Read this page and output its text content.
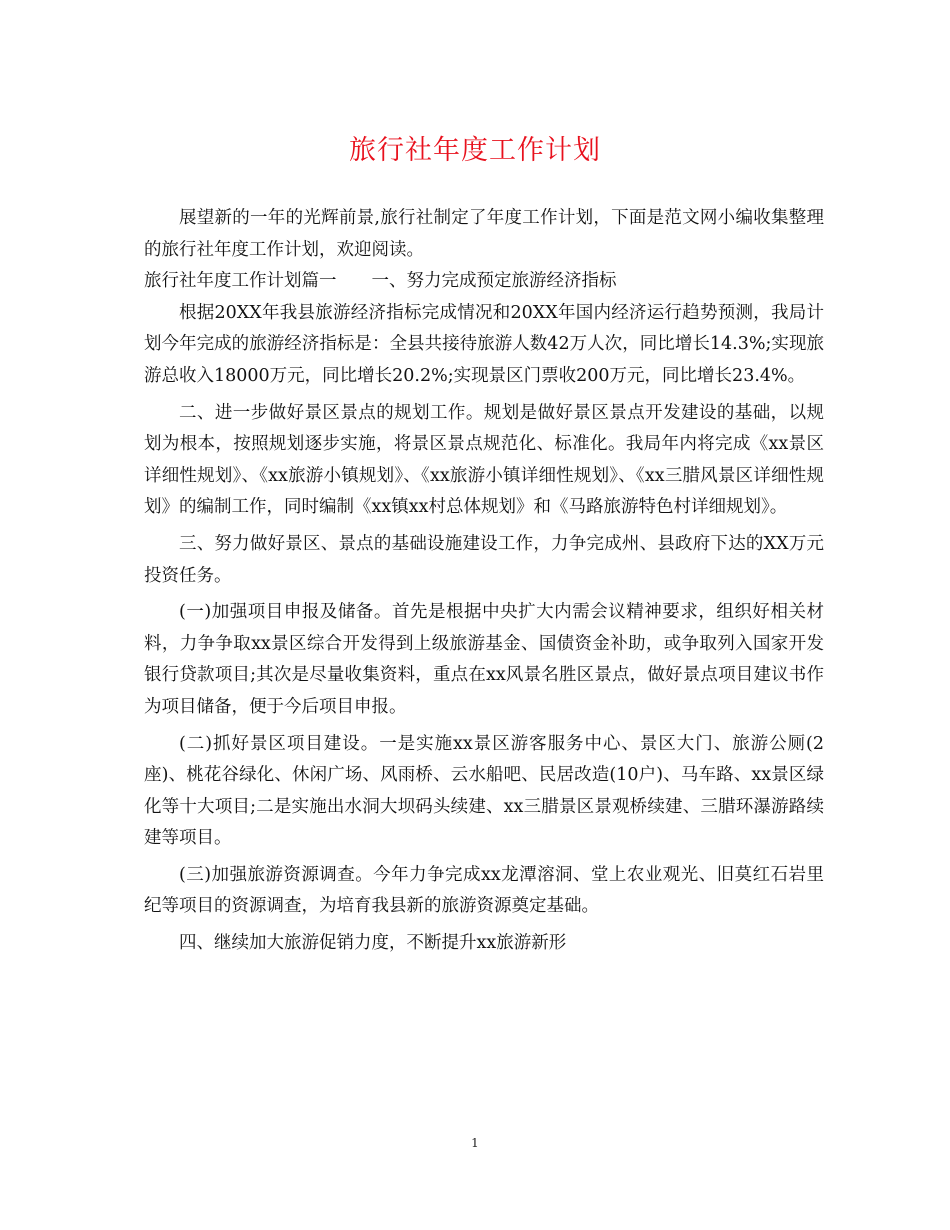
旅行社年度工作计划

展望新的一年的光辉前景,旅行社制定了年度工作计划，下面是范文网小编收集整理的旅行社年度工作计划，欢迎阅读。

旅行社年度工作计划篇一　　一、努力完成预定旅游经济指标

根据20XX年我县旅游经济指标完成情况和20XX年国内经济运行趋势预测，我局计划今年完成的旅游经济指标是：全县共接待旅游人数42万人次，同比增长14.3%;实现旅游总收入18000万元，同比增长20.2%;实现景区门票收200万元，同比增长23.4%。

二、进一步做好景区景点的规划工作。规划是做好景区景点开发建设的基础，以规划为根本，按照规划逐步实施，将景区景点规范化、标准化。我局年内将完成《xx景区详细性规划》、《xx旅游小镇规划》、《xx旅游小镇详细性规划》、《xx三腊风景区详细性规划》的编制工作，同时编制《xx镇xx村总体规划》和《马路旅游特色村详细规划》。

三、努力做好景区、景点的基础设施建设工作，力争完成州、县政府下达的XX万元投资任务。

(一)加强项目申报及储备。首先是根据中央扩大内需会议精神要求，组织好相关材料，力争争取xx景区综合开发得到上级旅游基金、国债资金补助，或争取列入国家开发银行贷款项目;其次是尽量收集资料，重点在xx风景名胜区景点，做好景点项目建议书作为项目储备，便于今后项目申报。

(二)抓好景区项目建设。一是实施xx景区游客服务中心、景区大门、旅游公厕(2座)、桃花谷绿化、休闲广场、风雨桥、云水船吧、民居改造(10户)、马车路、xx景区绿化等十大项目;二是实施出水洞大坝码头续建、xx三腊景区景观桥续建、三腊环瀑游路续建等项目。

(三)加强旅游资源调查。今年力争完成xx龙潭溶洞、堂上农业观光、旧莫红石岩里纪等项目的资源调查，为培育我县新的旅游资源奠定基础。

四、继续加大旅游促销力度，不断提升xx旅游新形

1
